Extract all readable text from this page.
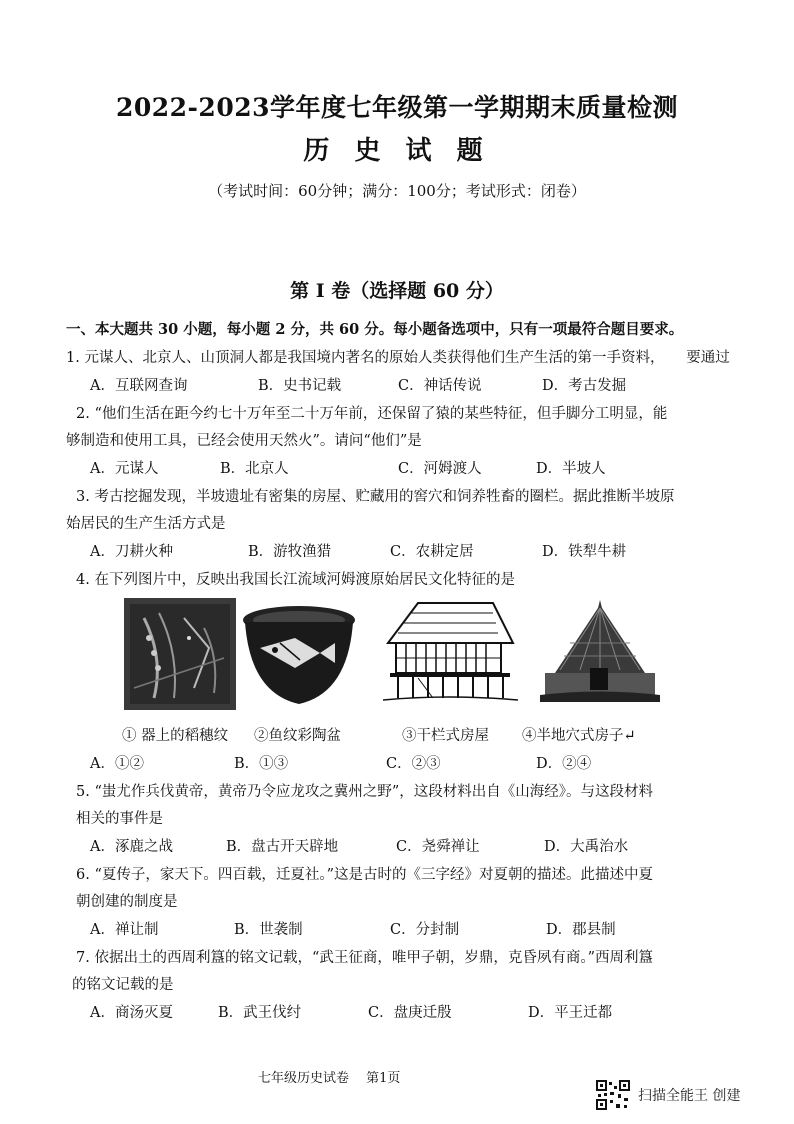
2022-2023学年度七年级第一学期期末质量检测
历 史 试 题
（考试时间：60分钟；满分：100分；考试形式：闭卷）
第 Ⅰ 卷（选择题 60 分）
一、本大题共 30 小题，每小题 2 分，共 60 分。每小题备选项中，只有一项最符合题目要求。
1. 元谋人、北京人、山顶洞人都是我国境内著名的原始人类获得他们生产生活的第一手资料，　　要通过
A．互联网查询	B．史书记载	C．神话传说	D．考古发掘
2. “他们生活在距今约七十万年至二十万年前，还保留了猿的某些特征，但手脚分工明显，能
够制造和使用工具，已经会使用天然火”。请问“他们”是
A．元谋人	B．北京人	C．河姆渡人	D．半坡人
3. 考古挖掘发现，半坡遗址有密集的房屋、贮藏用的窖穴和饲养牲畜的圈栏。据此推断半坡原
始居民的生产生活方式是
A．刀耕火种	B．游牧渔猎	C．农耕定居	D．铁犁牛耕
4. 在下列图片中，反映出我国长江流域河姆渡原始居民文化特征的是
① 器上的稻穗纹 ②鱼纹彩陶盆	③干栏式房屋 ④半地穴式房子↵
A．①②	B．①③	C．②③	D．②④
5. “蚩尤作兵伐黄帝，黄帝乃令应龙攻之冀州之野”，这段材料出自《山海经》。与这段材料
相关的事件是
A．涿鹿之战	B．盘古开天辟地	C．尧舜禅让	D．大禹治水
6. “夏传子，家天下。四百载，迁夏社。”这是古时的《三字经》对夏朝的描述。此描述中夏
朝创建的制度是
A．禅让制	B．世袭制	C．分封制	D．郡县制
7. 依据出土的西周利簋的铭文记载，“武王征商，唯甲子朝，岁鼎，克昏夙有商。”西周利簋
的铭文记载的是
A．商汤灭夏	B．武王伐纣	C．盘庚迁殷	D．平王迁都
七年级历史试卷　 第1页
扫描全能王 创建
